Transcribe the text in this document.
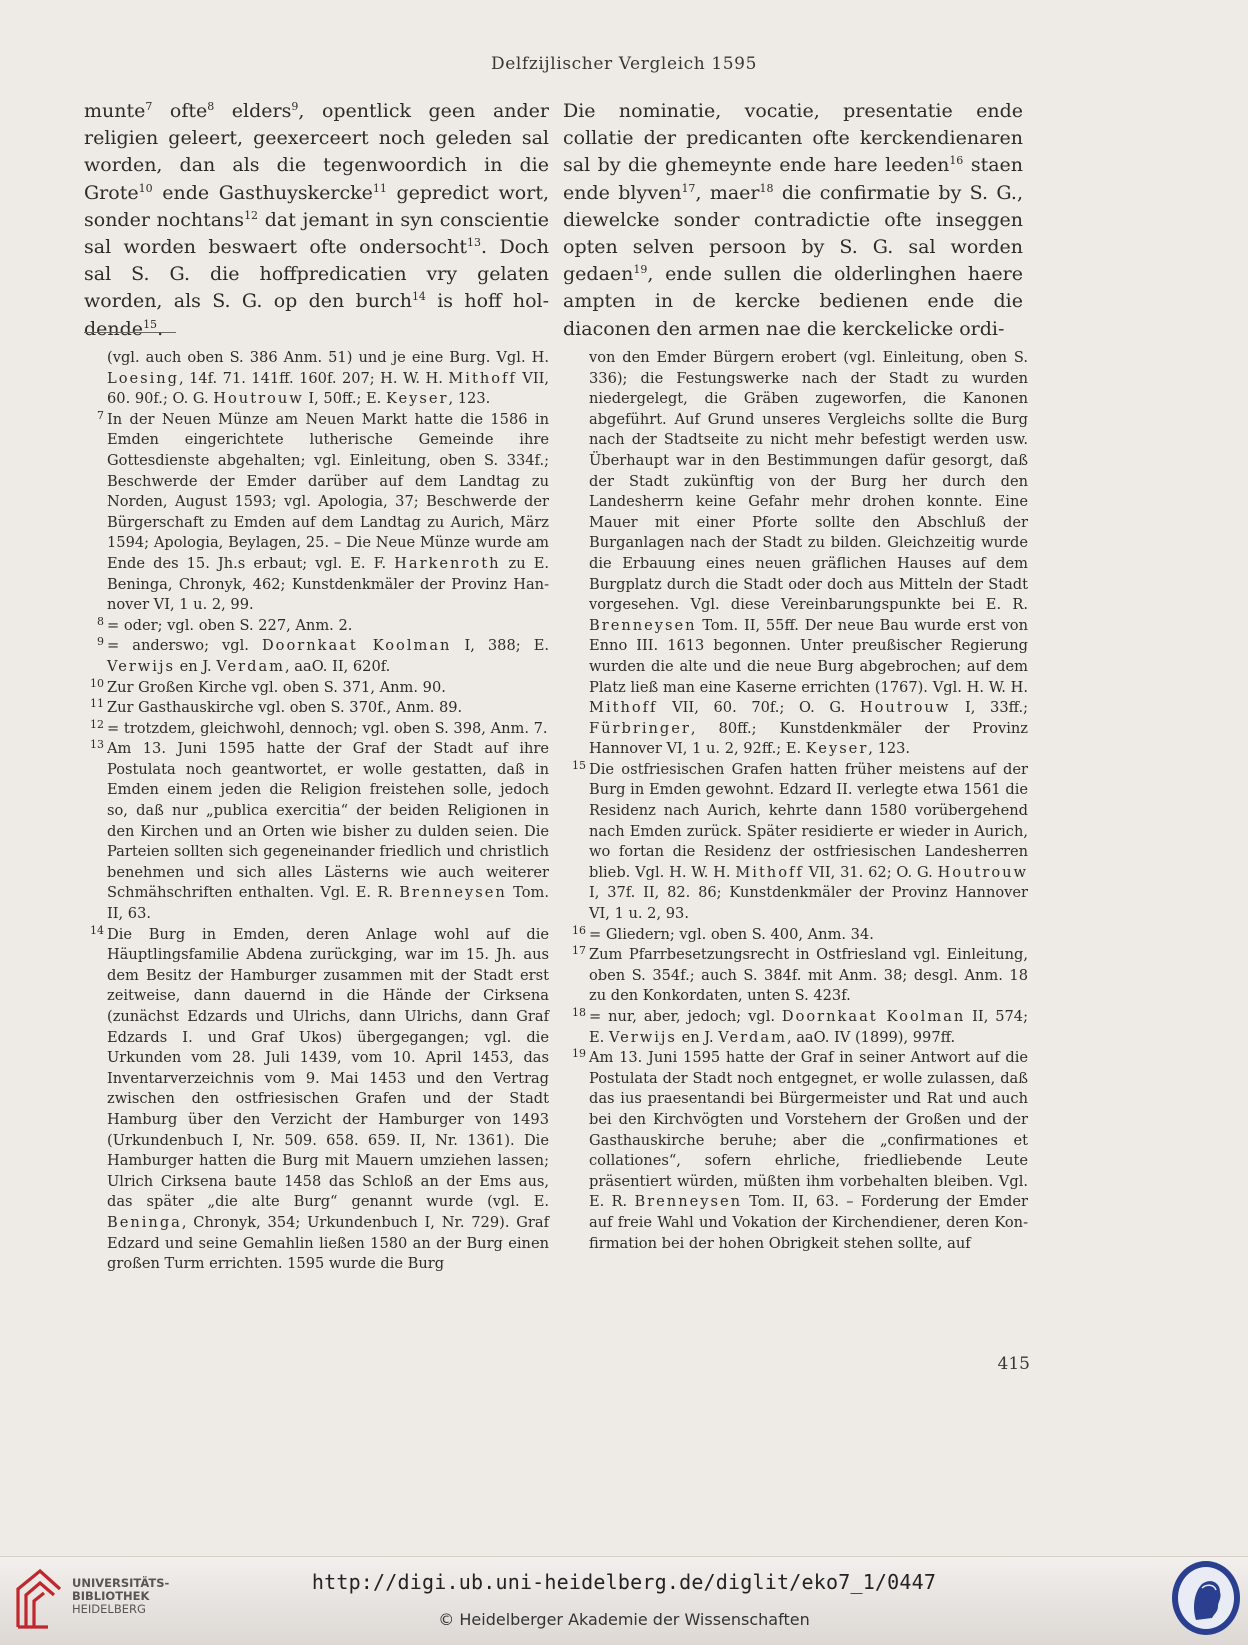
Delfzijlischer Vergleich 1595
munte$^7$ ofte$^8$ elders$^9$, opentlick geen ander religien geleert, geexerceert noch geleden sal worden, dan als die tegenwoordich in die Grote$^{10}$ ende Gasthuyskercke$^{11}$ gepredict wort, sonder nochtans$^{12}$ dat jemant in syn conscientie sal worden beswaert ofte ondersocht$^{13}$. Doch sal S. G. die hoffpredicatien vry gelaten worden, als S. G. op den burch$^{14}$ is hoff holdende$^{15}$.
Die nominatie, vocatie, presentatie ende collatie der predicanten ofte kerckendienaren sal by die ghemeynte ende hare leeden$^{16}$ staen ende blyven$^{17}$, maer$^{18}$ die confirmatie by S. G., diewelcke sonder contradictie ofte inseggen opten selven persoon by S. G. sal worden gedaen$^{19}$, ende sullen die olderlinghen haere ampten in de kercke bedienen ende die diaconen den armen nae die kerckelicke ordi-

(vgl. auch oben S. 386 Anm. 51) und je eine Burg. Vgl. H. Loesing, 14f. 71. 141ff. 160f. 207; H. W. H. Mithoff VII, 60. 90f.; O. G. Houtrouw I, 50ff.; E. Keyser, 123.

7 In der Neuen Münze am Neuen Markt hatte die 1586 in Emden eingerichtete lutherische Gemeinde ihre Gottesdienste abgehalten; vgl. Einleitung, oben S. 334f.; Beschwerde der Emder darüber auf dem Landtag zu Norden, August 1593; vgl. Apologia, 37; Beschwerde der Bürgerschaft zu Emden auf dem Landtag zu Aurich, März 1594; Apologia, Beylagen, 25. – Die Neue Münze wurde am Ende des 15. Jh.s erbaut; vgl. E. F. Harkenroth zu E. Beninga, Chronyk, 462; Kunstdenkmäler der Provinz Hannover VI, 1 u. 2, 99.

8 = oder; vgl. oben S. 227, Anm. 2.

9 = anderswo; vgl. Doornkaat Koolman I, 388; E. Verwijs en J. Verdam, aaO. II, 620f.

10 Zur Großen Kirche vgl. oben S. 371, Anm. 90.

11 Zur Gasthauskirche vgl. oben S. 370f., Anm. 89.

12 = trotzdem, gleichwohl, dennoch; vgl. oben S. 398, Anm. 7.

13 Am 13. Juni 1595 hatte der Graf der Stadt auf ihre Postulata noch geantwortet, er wolle gestatten, daß in Emden einem jeden die Religion freistehen solle, jedoch so, daß nur „publica exercitia“ der beiden Religionen in den Kirchen und an Orten wie bisher zu dulden seien. Die Parteien sollten sich gegeneinander friedlich und christlich benehmen und sich alles Lästerns wie auch weiterer Schmähschriften enthalten. Vgl. E. R. Brenneysen Tom. II, 63.

14 Die Burg in Emden, deren Anlage wohl auf die Häuptlingsfamilie Abdena zurückging, war im 15. Jh. aus dem Besitz der Hamburger zusammen mit der Stadt erst zeitweise, dann dauernd in die Hände der Cirksena (zunächst Edzards und Ulrichs, dann Ulrichs, dann Graf Edzards I. und Graf Ukos) übergegangen; vgl. die Urkunden vom 28. Juli 1439, vom 10. April 1453, das Inventarverzeichnis vom 9. Mai 1453 und den Vertrag zwischen den ostfriesischen Grafen und der Stadt Hamburg über den Verzicht der Hamburger von 1493 (Urkundenbuch I, Nr. 509. 658. 659. II, Nr. 1361). Die Hamburger hatten die Burg mit Mauern umziehen lassen; Ulrich Cirksena baute 1458 das Schloß an der Ems aus, das später „die alte Burg“ genannt wurde (vgl. E. Beninga, Chronyk, 354; Urkundenbuch I, Nr. 729). Graf Edzard und seine Gemahlin ließen 1580 an der Burg einen großen Turm errichten. 1595 wurde die Burg

von den Emder Bürgern erobert (vgl. Einleitung, oben S. 336); die Festungswerke nach der Stadt zu wurden niedergelegt, die Gräben zugeworfen, die Kanonen abgeführt. Auf Grund unseres Vergleichs sollte die Burg nach der Stadtseite zu nicht mehr befestigt werden usw. Überhaupt war in den Bestimmungen dafür gesorgt, daß der Stadt zukünftig von der Burg her durch den Landesherrn keine Gefahr mehr drohen konnte. Eine Mauer mit einer Pforte sollte den Abschluß der Burganlagen nach der Stadt zu bilden. Gleichzeitig wurde die Erbauung eines neuen gräflichen Hauses auf dem Burgplatz durch die Stadt oder doch aus Mitteln der Stadt vorgesehen. Vgl. diese Vereinbarungspunkte bei E. R. Brenneysen Tom. II, 55ff. Der neue Bau wurde erst von Enno III. 1613 begonnen. Unter preußischer Regierung wurden die alte und die neue Burg abgebrochen; auf dem Platz ließ man eine Kaserne errichten (1767). Vgl. H. W. H. Mithoff VII, 60. 70f.; O. G. Houtrouw I, 33ff.; Fürbringer, 80ff.; Kunstdenkmäler der Provinz Hannover VI, 1 u. 2, 92ff.; E. Keyser, 123.

15 Die ostfriesischen Grafen hatten früher meistens auf der Burg in Emden gewohnt. Edzard II. verlegte etwa 1561 die Residenz nach Aurich, kehrte dann 1580 vorübergehend nach Emden zurück. Später residierte er wieder in Aurich, wo fortan die Residenz der ostfriesischen Landesherren blieb. Vgl. H. W. H. Mithoff VII, 31. 62; O. G. Houtrouw I, 37f. II, 82. 86; Kunstdenkmäler der Provinz Hannover VI, 1 u. 2, 93.

16 = Gliedern; vgl. oben S. 400, Anm. 34.

17 Zum Pfarrbesetzungsrecht in Ostfriesland vgl. Einleitung, oben S. 354f.; auch S. 384f. mit Anm. 38; desgl. Anm. 18 zu den Konkordaten, unten S. 423f.

18 = nur, aber, jedoch; vgl. Doornkaat Koolman II, 574; E. Verwijs en J. Verdam, aaO. IV (1899), 997ff.

19 Am 13. Juni 1595 hatte der Graf in seiner Antwort auf die Postulata der Stadt noch entgegnet, er wolle zulassen, daß das ius praesentandi bei Bürgermeister und Rat und auch bei den Kirchvögten und Vorstehern der Großen und der Gasthauskirche beruhe; aber die „confirmationes et collationes“, sofern ehrliche, friedliebende Leute präsentiert würden, müßten ihm vorbehalten bleiben. Vgl. E. R. Brenneysen Tom. II, 63. – Forderung der Emder auf freie Wahl und Vokation der Kirchendiener, deren Konfirmation bei der hohen Obrigkeit stehen sollte, auf

415
UNIVERSITÄTS-
BIBLIOTHEK
HEIDELBERG
http://digi.ub.uni-heidelberg.de/diglit/eko7_1/0447
© Heidelberger Akademie der Wissenschaften
